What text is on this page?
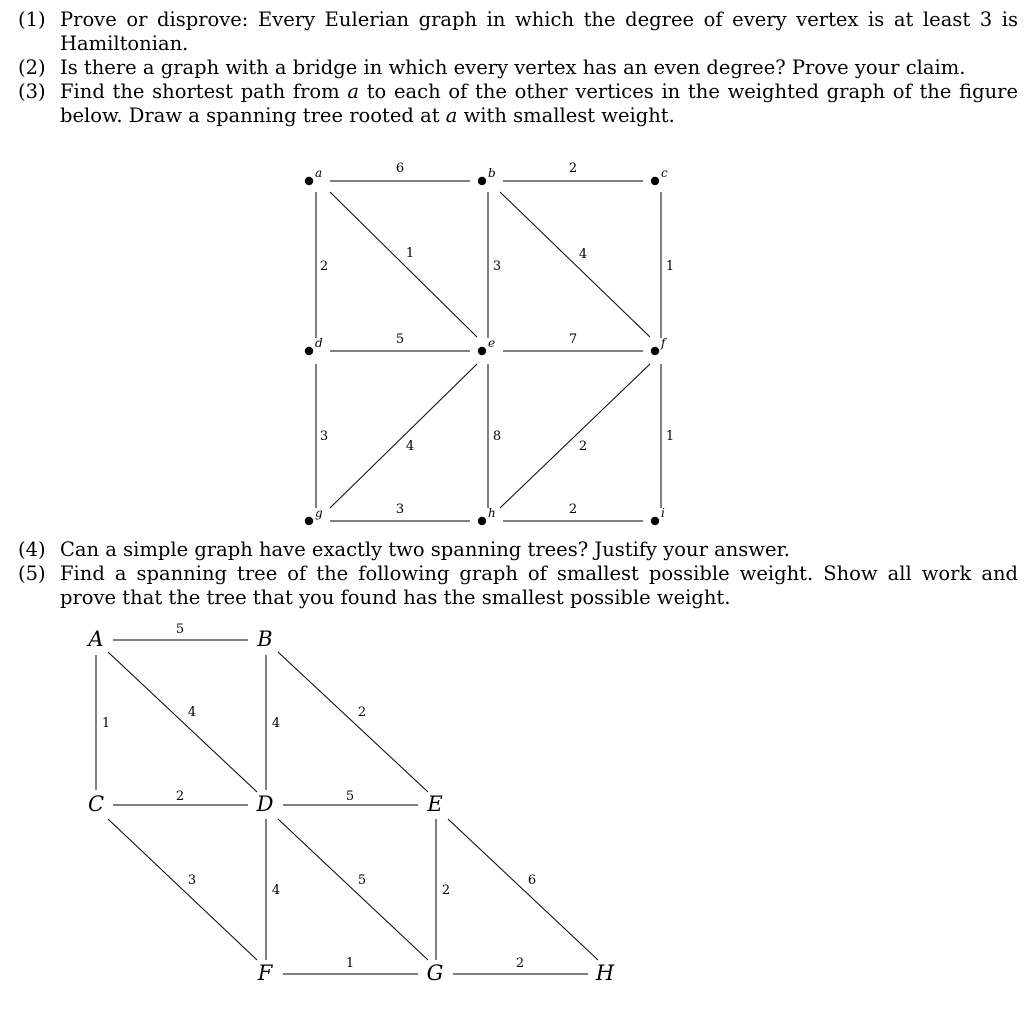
(1) Prove or disprove: Every Eulerian graph in which the degree of every vertex is at least 3 is Hamiltonian.
(2) Is there a graph with a bridge in which every vertex has an even degree? Prove your claim.
(3) Find the shortest path from a to each of the other vertices in the weighted graph of the figure below. Draw a spanning tree rooted at a with smallest weight.
6	2
2
1
3
4
1
5	7
3
4
8
2
1
3	2
a	b	c
d	e	f
g	h	i
(4) Can a simple graph have exactly two spanning trees? Justify your answer.
(5) Find a spanning tree of the following graph of smallest possible weight. Show all work and prove that the tree that you found has the smallest possible weight.
5
1
4
4
2
2	5
3
4
5
2
6
1	2
A	B
C	D	E
F	G	H
